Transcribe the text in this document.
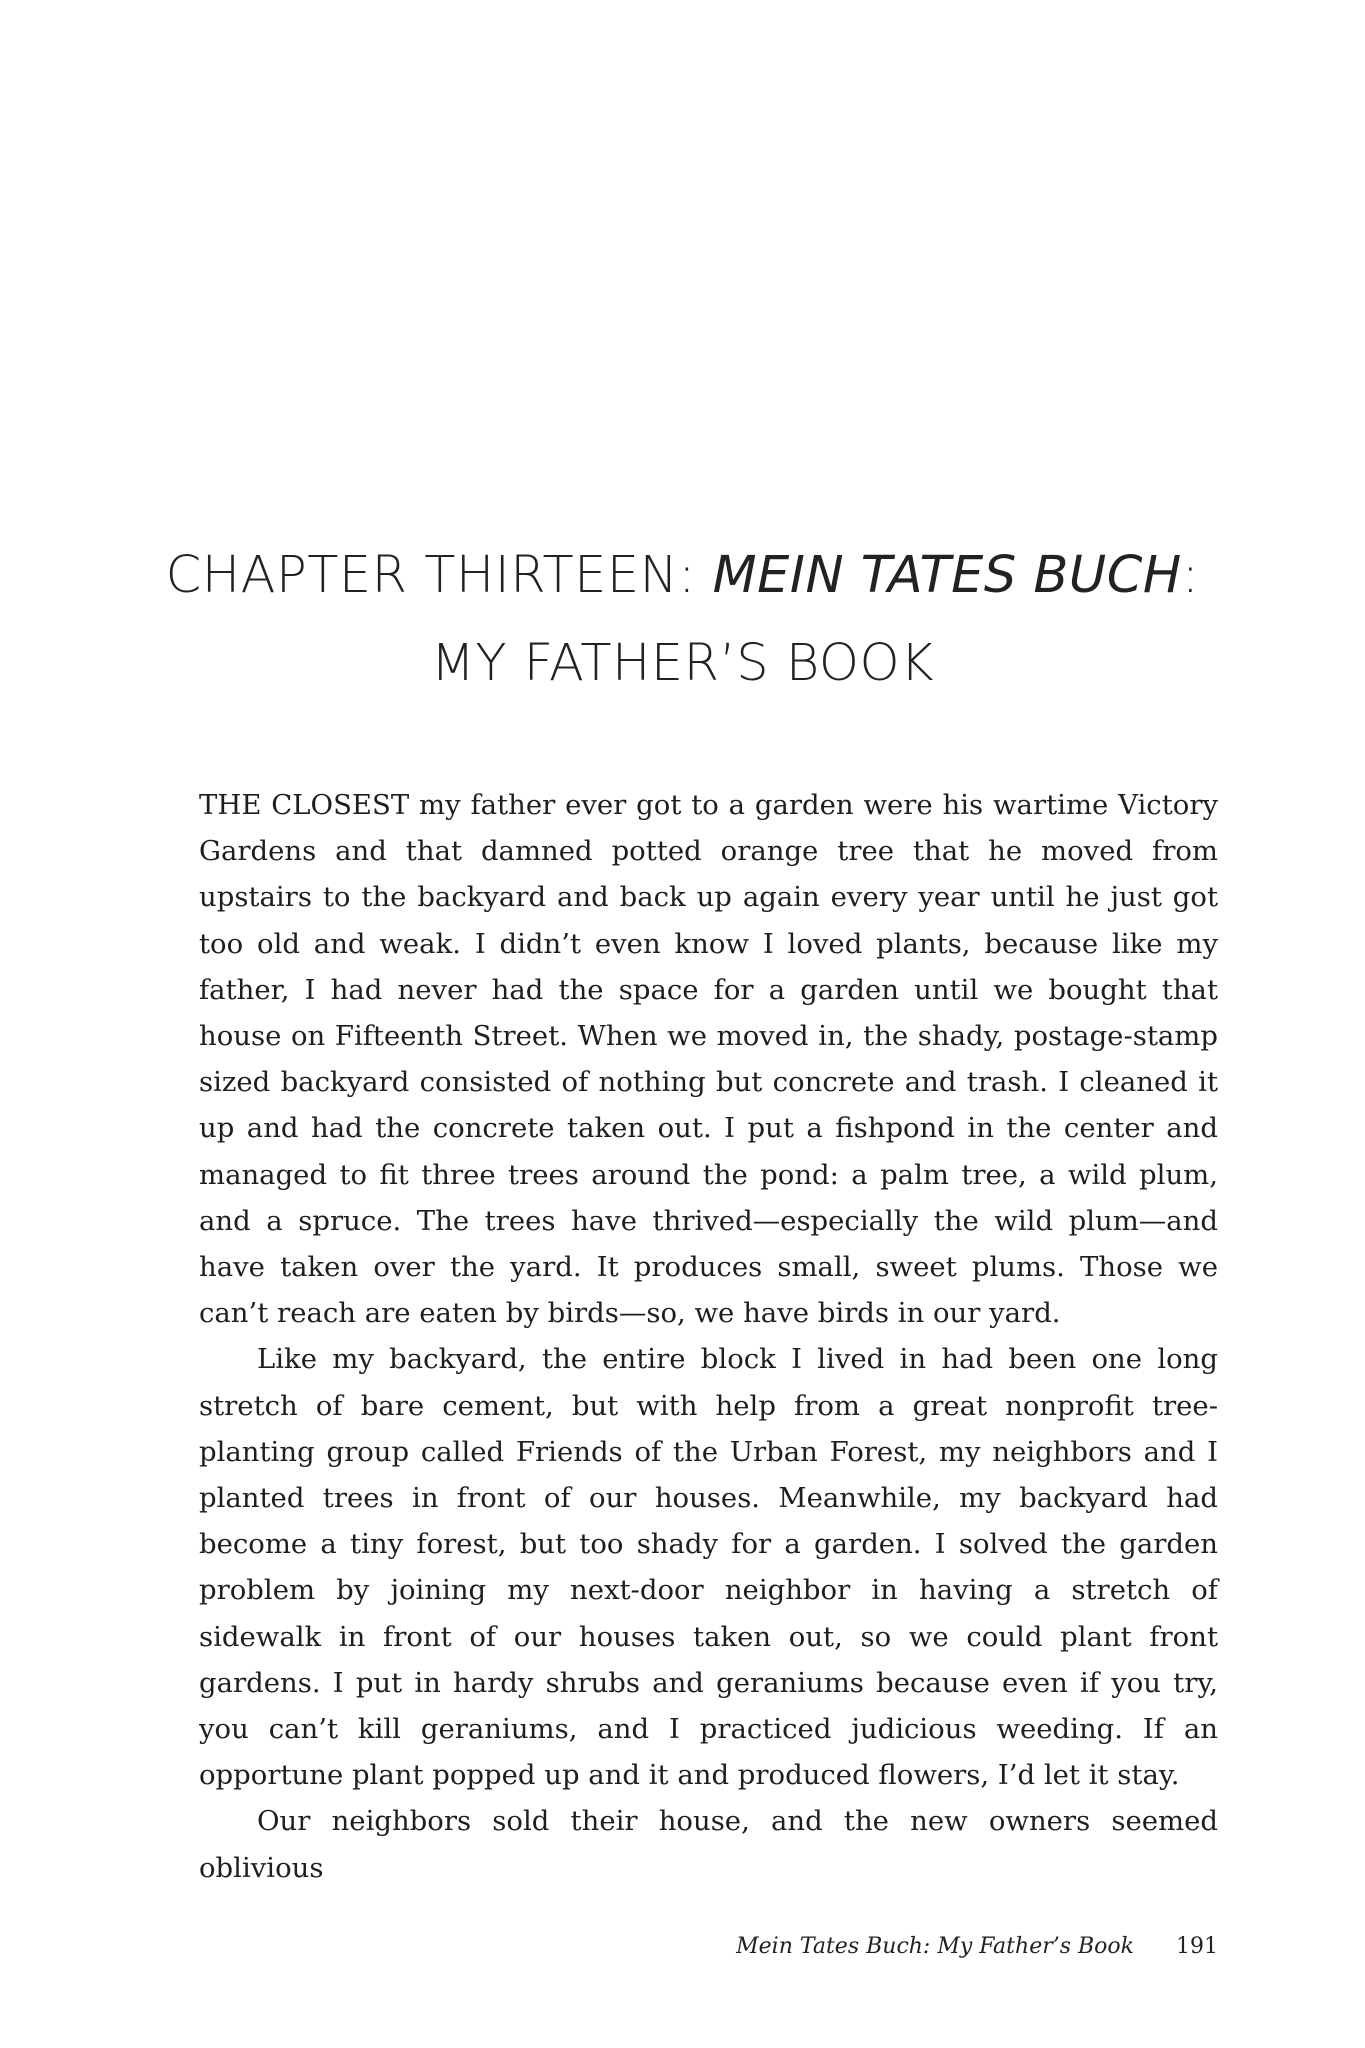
CHAPTER THIRTEEN: MEIN TATES BUCH:
MY FATHER’S BOOK

THE CLOSEST my father ever got to a garden were his wartime Victory Gardens and that damned potted orange tree that he moved from upstairs to the backyard and back up again every year until he just got too old and weak. I didn’t even know I loved plants, because like my father, I had never had the space for a garden until we bought that house on Fifteenth Street. When we moved in, the shady, postage-stamp sized backyard consisted of nothing but concrete and trash. I cleaned it up and had the concrete taken out. I put a fishpond in the center and managed to fit three trees around the pond: a palm tree, a wild plum, and a spruce. The trees have thrived—especially the wild plum—and have taken over the yard. It produces small, sweet plums. Those we can’t reach are eaten by birds—so, we have birds in our yard.

Like my backyard, the entire block I lived in had been one long stretch of bare cement, but with help from a great nonprofit tree-planting group called Friends of the Urban Forest, my neighbors and I planted trees in front of our houses. Meanwhile, my backyard had become a tiny forest, but too shady for a garden. I solved the garden problem by joining my next-door neighbor in having a stretch of sidewalk in front of our houses taken out, so we could plant front gardens. I put in hardy shrubs and geraniums because even if you try, you can’t kill geraniums, and I practiced judicious weeding. If an opportune plant popped up and it and produced flowers, I’d let it stay.

Our neighbors sold their house, and the new owners seemed oblivious

Mein Tates Buch: My Father’s Book 191
